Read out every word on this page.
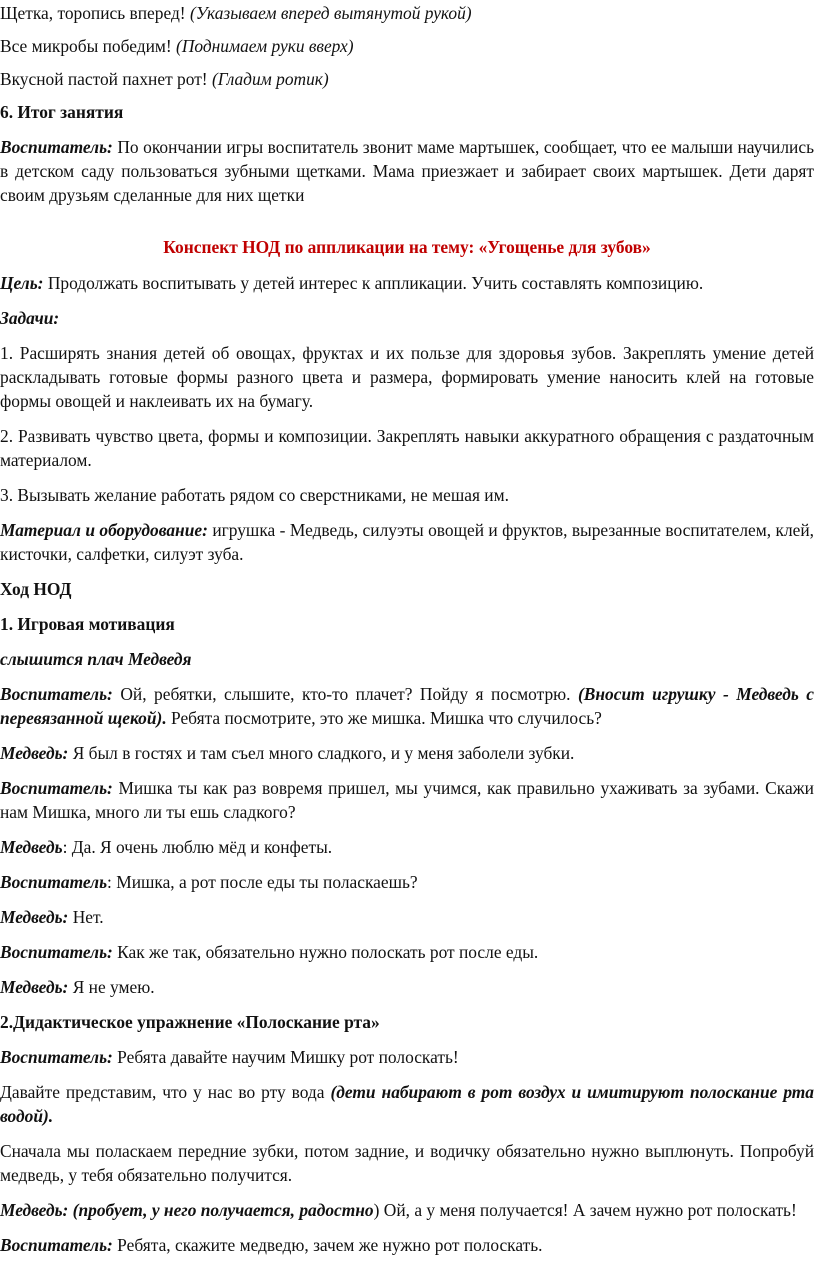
Щетка, торопись вперед! (Указываем вперед вытянутой рукой)

Все микробы победим! (Поднимаем руки вверх)

Вкусной пастой пахнет рот! (Гладим ротик)

6. Итог занятия

Воспитатель: По окончании игры воспитатель звонит маме мартышек, сообщает, что ее малыши научились в детском саду пользоваться зубными щетками. Мама приезжает и забирает своих мартышек. Дети дарят своим друзьям сделанные для них щетки

Конспект НОД по аппликации на тему: «Угощенье для зубов»

Цель: Продолжать воспитывать у детей интерес к аппликации. Учить составлять композицию.

Задачи:

1. Расширять знания детей об овощах, фруктах и их пользе для здоровья зубов. Закреплять умение детей раскладывать готовые формы разного цвета и размера, формировать умение наносить клей на готовые формы овощей и наклеивать их на бумагу.

2. Развивать чувство цвета, формы и композиции. Закреплять навыки аккуратного обращения с раздаточным материалом.

3. Вызывать желание работать рядом со сверстниками, не мешая им.

Материал и оборудование: игрушка - Медведь, силуэты овощей и фруктов, вырезанные воспитателем, клей, кисточки, салфетки, силуэт зуба.

Ход НОД

1. Игровая мотивация

слышится плач Медведя

Воспитатель: Ой, ребятки, слышите, кто-то плачет? Пойду я посмотрю. (Вносит игрушку - Медведь с перевязанной щекой). Ребята посмотрите, это же мишка. Мишка что случилось?

Медведь: Я был в гостях и там съел много сладкого, и у меня заболели зубки.

Воспитатель: Мишка ты как раз вовремя пришел, мы учимся, как правильно ухаживать за зубами. Скажи нам Мишка, много ли ты ешь сладкого?

Медведь: Да. Я очень люблю мёд и конфеты.

Воспитатель: Мишка, а рот после еды ты поласкаешь?

Медведь: Нет.

Воспитатель: Как же так, обязательно нужно полоскать рот после еды.

Медведь: Я не умею.

2.Дидактическое упражнение «Полоскание рта»

Воспитатель: Ребята давайте научим Мишку рот полоскать!

Давайте представим, что у нас во рту вода (дети набирают в рот воздух и имитируют полоскание рта водой).

Сначала мы поласкаем передние зубки, потом задние, и водичку обязательно нужно выплюнуть. Попробуй медведь, у тебя обязательно получится.

Медведь: (пробует, у него получается, радостно) Ой, а у меня получается! А зачем нужно рот полоскать!

Воспитатель: Ребята, скажите медведю, зачем же нужно рот полоскать.
